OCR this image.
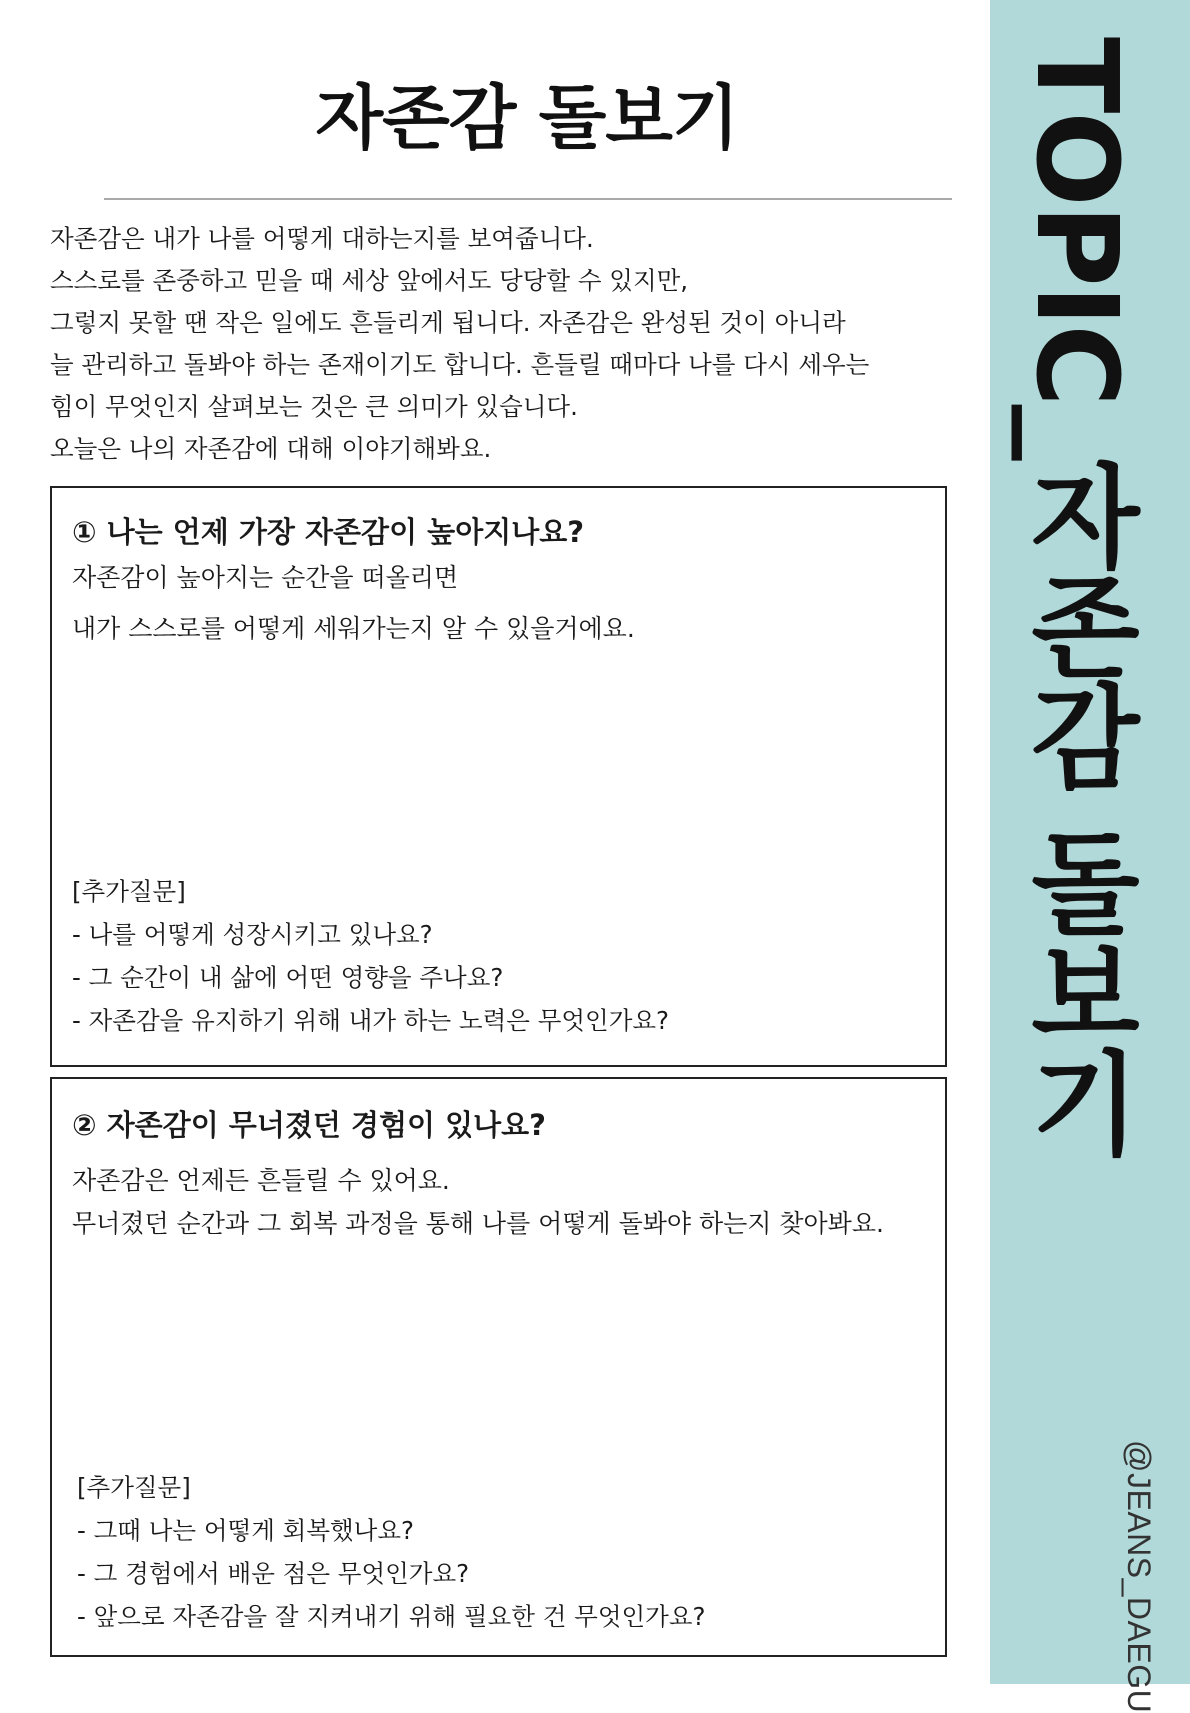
자존감 돌보기
자존감은 내가 나를 어떻게 대하는지를 보여줍니다.
스스로를 존중하고 믿을 때 세상 앞에서도 당당할 수 있지만,
그렇지 못할 땐 작은 일에도 흔들리게 됩니다. 자존감은 완성된 것이 아니라
늘 관리하고 돌봐야 하는 존재이기도 합니다. 흔들릴 때마다 나를 다시 세우는
힘이 무엇인지 살펴보는 것은 큰 의미가 있습니다.
오늘은 나의 자존감에 대해 이야기해봐요.
① 나는 언제 가장 자존감이 높아지나요?
자존감이 높아지는 순간을 떠올리면
내가 스스로를 어떻게 세워가는지 알 수 있을거에요.
[추가질문]
- 나를 어떻게 성장시키고 있나요?
- 그 순간이 내 삶에 어떤 영향을 주나요?
- 자존감을 유지하기 위해 내가 하는 노력은 무엇인가요?
② 자존감이 무너졌던 경험이 있나요?
자존감은 언제든 흔들릴 수 있어요.
무너졌던 순간과 그 회복 과정을 통해 나를 어떻게 돌봐야 하는지 찾아봐요.
[추가질문]
- 그때 나는 어떻게 회복했나요?
- 그 경험에서 배운 점은 무엇인가요?
- 앞으로 자존감을 잘 지켜내기 위해 필요한 건 무엇인가요?
TOPIC_자존감 돌보기
@JEANS_DAEGU
